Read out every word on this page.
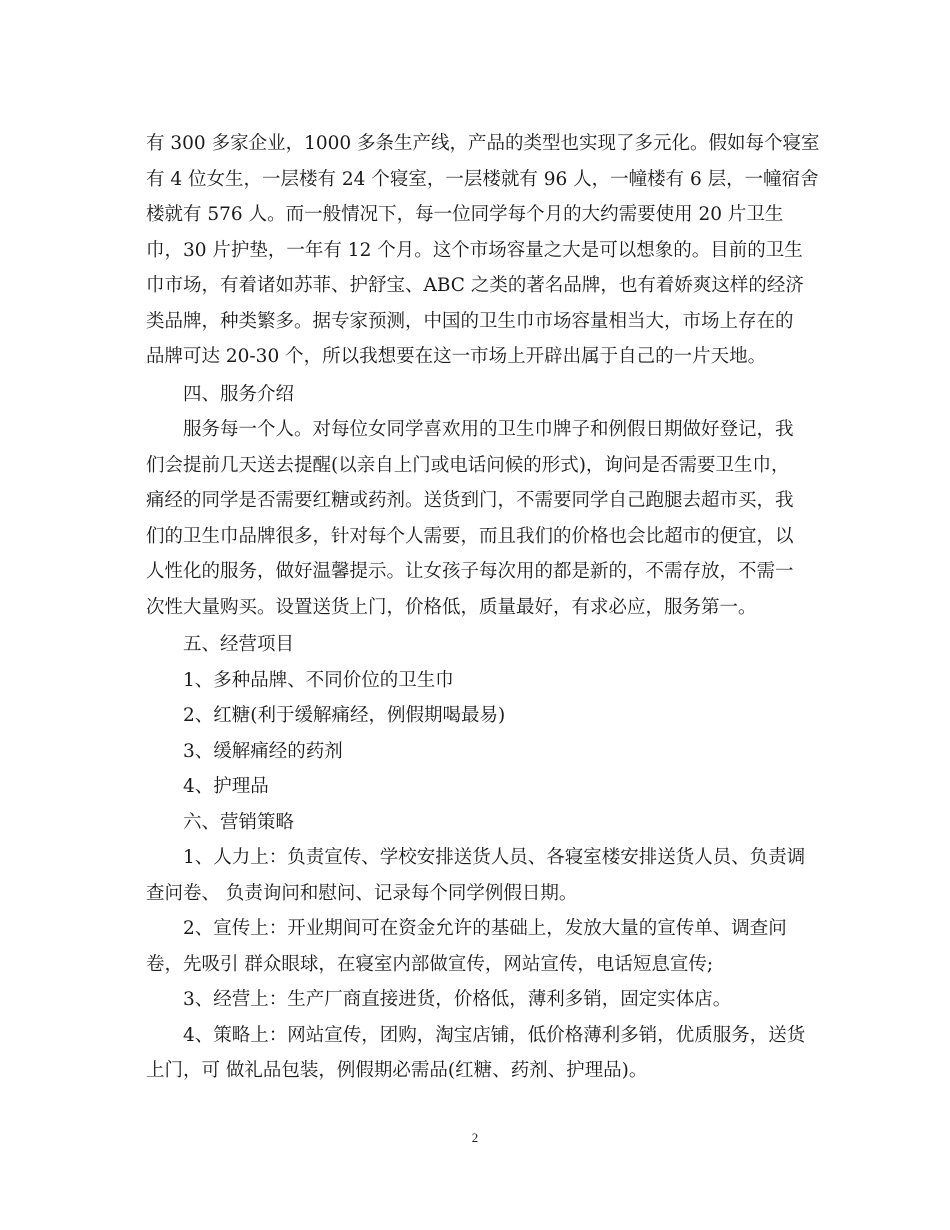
有 300 多家企业，1000 多条生产线，产品的类型也实现了多元化。假如每个寝室
有 4 位女生，一层楼有 24 个寝室，一层楼就有 96 人，一幢楼有 6 层，一幢宿舍
楼就有 576 人。而一般情况下，每一位同学每个月的大约需要使用 20 片卫生
巾，30 片护垫，一年有 12 个月。这个市场容量之大是可以想象的。目前的卫生
巾市场，有着诸如苏菲、护舒宝、ABC 之类的著名品牌，也有着娇爽这样的经济
类品牌，种类繁多。据专家预测，中国的卫生巾市场容量相当大，市场上存在的
品牌可达 20-30 个，所以我想要在这一市场上开辟出属于自己的一片天地。
四、服务介绍
服务每一个人。对每位女同学喜欢用的卫生巾牌子和例假日期做好登记，我
们会提前几天送去提醒(以亲自上门或电话问候的形式)，询问是否需要卫生巾，
痛经的同学是否需要红糖或药剂。送货到门，不需要同学自己跑腿去超市买，我
们的卫生巾品牌很多，针对每个人需要，而且我们的价格也会比超市的便宜，以
人性化的服务，做好温馨提示。让女孩子每次用的都是新的，不需存放，不需一
次性大量购买。设置送货上门，价格低，质量最好，有求必应，服务第一。
五、经营项目
1、多种品牌、不同价位的卫生巾
2、红糖(利于缓解痛经，例假期喝最易)
3、缓解痛经的药剂
4、护理品
六、营销策略
1、人力上：负责宣传、学校安排送货人员、各寝室楼安排送货人员、负责调
查问卷、 负责询问和慰问、记录每个同学例假日期。
2、宣传上：开业期间可在资金允许的基础上，发放大量的宣传单、调查问
卷，先吸引 群众眼球，在寝室内部做宣传，网站宣传，电话短息宣传;
3、经营上：生产厂商直接进货，价格低，薄利多销，固定实体店。
4、策略上：网站宣传，团购，淘宝店铺，低价格薄利多销，优质服务，送货
上门，可 做礼品包装，例假期必需品(红糖、药剂、护理品)。
2
